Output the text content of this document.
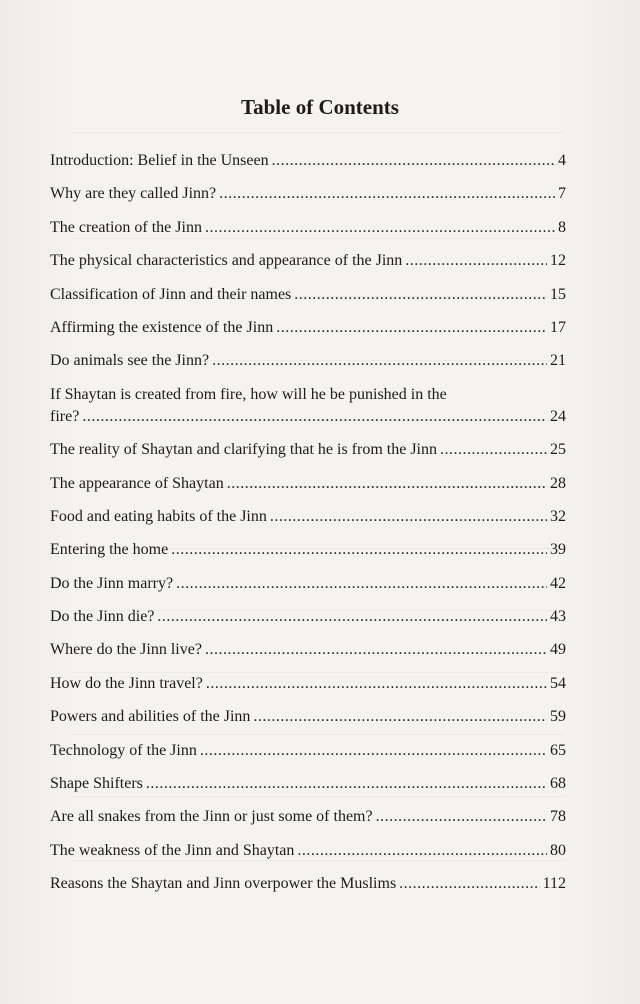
Table of Contents
Introduction: Belief in the Unseen .....	4
Why are they called Jinn? .....	7
The creation of the Jinn .....	8
The physical characteristics and appearance of the Jinn .....	12
Classification of Jinn and their names .....	15
Affirming the existence of the Jinn .....	17
Do animals see the Jinn? .....	21
If Shaytan is created from fire, how will he be punished in the
fire? .....	24
The reality of Shaytan and clarifying that he is from the Jinn .....	25
The appearance of Shaytan .....	28
Food and eating habits of the Jinn .....	32
Entering the home .....	39
Do the Jinn marry? .....	42
Do the Jinn die? .....	43
Where do the Jinn live? .....	49
How do the Jinn travel? .....	54
Powers and abilities of the Jinn .....	59
Technology of the Jinn .....	65
Shape Shifters .....	68
Are all snakes from the Jinn or just some of them? .....	78
The weakness of the Jinn and Shaytan .....	80
Reasons the Shaytan and Jinn overpower the Muslims .....	112
